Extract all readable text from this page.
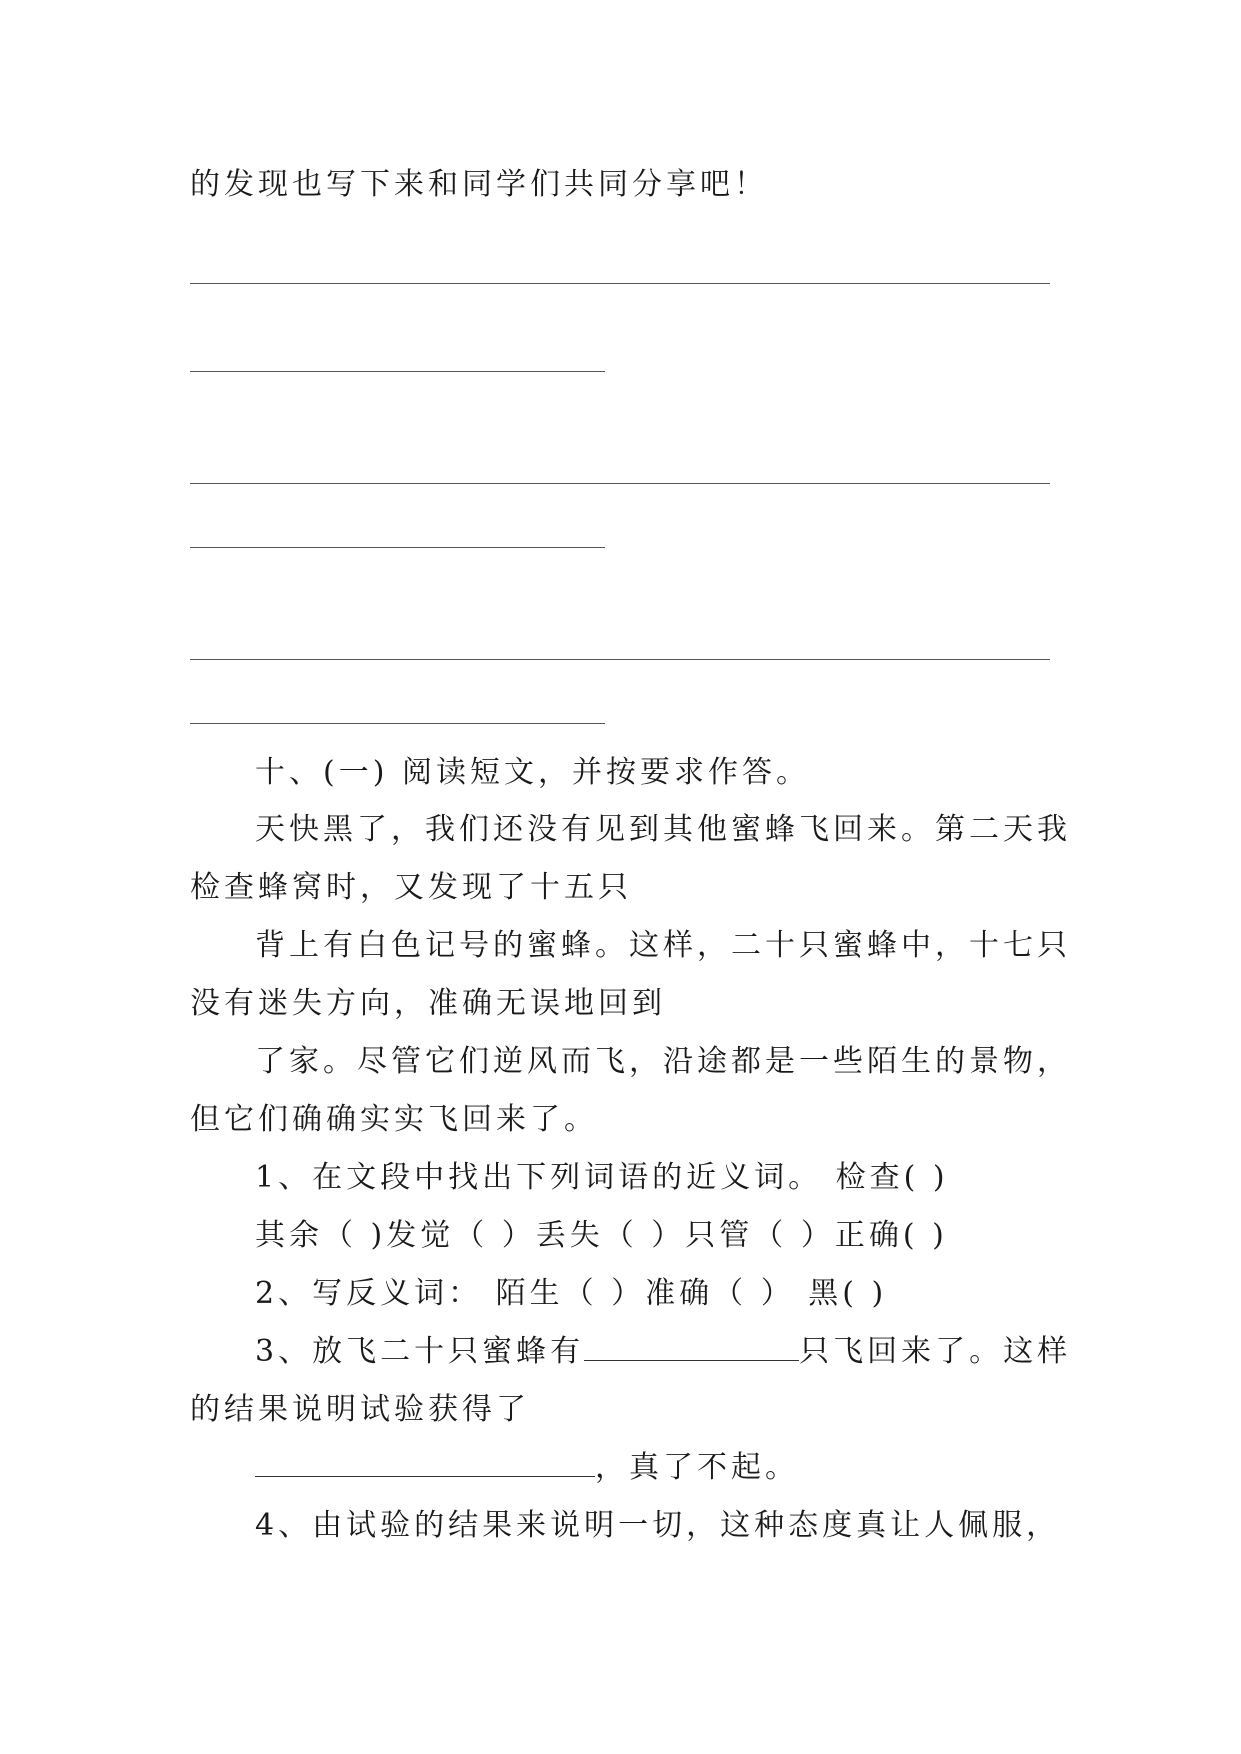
的发现也写下来和同学们共同分享吧！
十、(一) 阅读短文，并按要求作答。
天快黑了，我们还没有见到其他蜜蜂飞回来。第二天我
检查蜂窝时，又发现了十五只
背上有白色记号的蜜蜂。这样，二十只蜜蜂中，十七只
没有迷失方向，准确无误地回到
了家。尽管它们逆风而飞，沿途都是一些陌生的景物，
但它们确确实实飞回来了。
1、在文段中找出下列词语的近义词。 检查( )
其余（ )发觉（ ）丢失（ ）只管（ ）正确( )
2、写反义词： 陌生（ ）准确（ ） 黑( )
3、放飞二十只蜜蜂有	只飞回来了。这样
的结果说明试验获得了
，真了不起。
4、由试验的结果来说明一切，这种态度真让人佩服，
